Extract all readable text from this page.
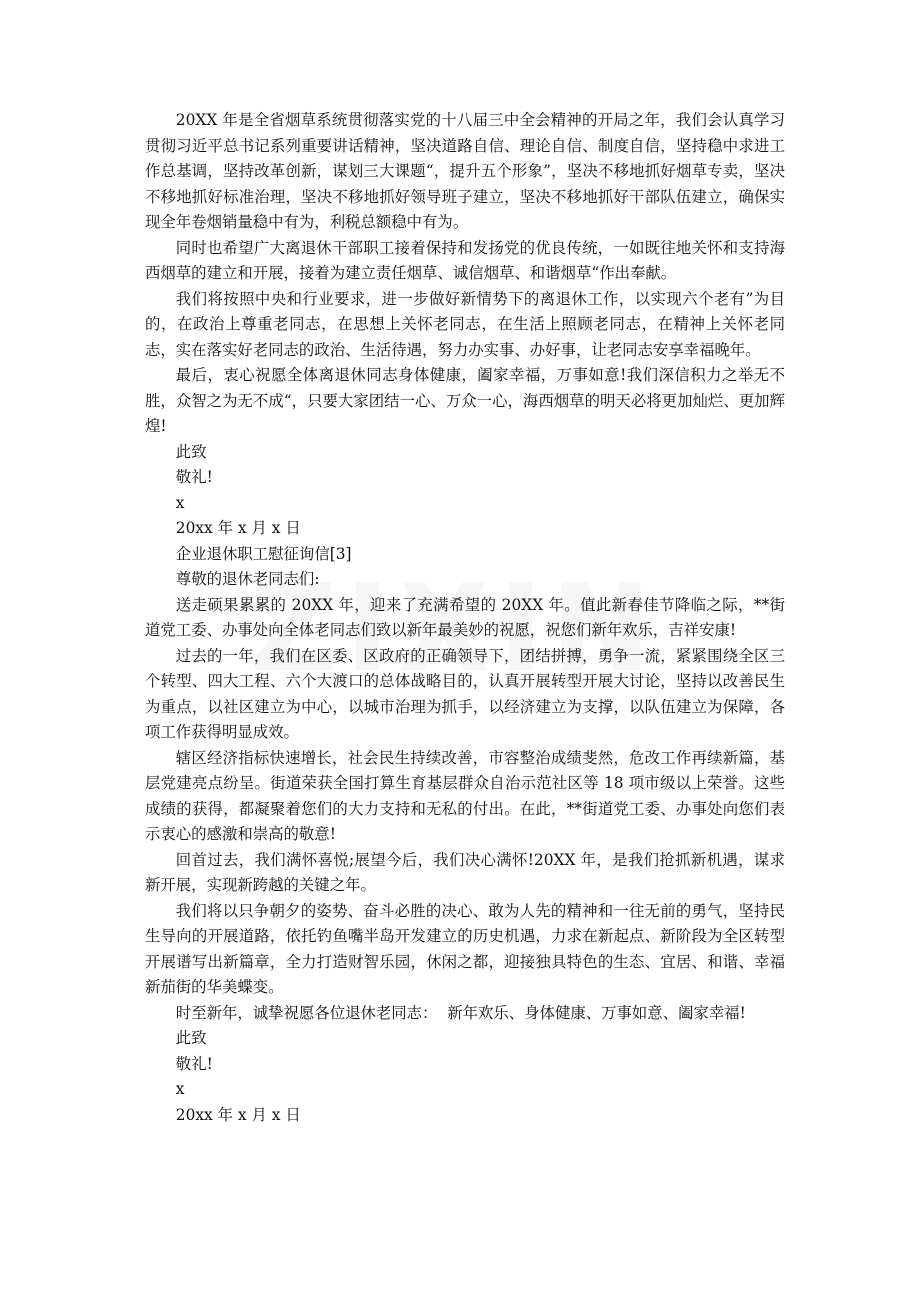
20XX 年是全省烟草系统贯彻落实党的十八届三中全会精神的开局之年，我们会认真学习贯彻习近平总书记系列重要讲话精神，坚决道路自信、理论自信、制度自信，坚持稳中求进工作总基调，坚持改革创新，谋划三大课题“，提升五个形象”，坚决不移地抓好烟草专卖，坚决不移地抓好标准治理，坚决不移地抓好领导班子建立，坚决不移地抓好干部队伍建立，确保实现全年卷烟销量稳中有为，利税总额稳中有为。

同时也希望广大离退休干部职工接着保持和发扬党的优良传统，一如既往地关怀和支持海西烟草的建立和开展，接着为建立责任烟草、诚信烟草、和谐烟草“作出奉献。

我们将按照中央和行业要求，进一步做好新情势下的离退休工作，以实现六个老有”为目的，在政治上尊重老同志，在思想上关怀老同志，在生活上照顾老同志，在精神上关怀老同志，实在落实好老同志的政治、生活待遇，努力办实事、办好事，让老同志安享幸福晚年。

最后，衷心祝愿全体离退休同志身体健康，阖家幸福，万事如意!我们深信积力之举无不胜，众智之为无不成“，只要大家团结一心、万众一心，海西烟草的明天必将更加灿烂、更加辉煌!

此致

敬礼!

x

20xx 年 x 月 x 日

企业退休职工慰征询信[3]

尊敬的退休老同志们:

送走硕果累累的 20XX 年，迎来了充满希望的 20XX 年。值此新春佳节降临之际，**街道党工委、办事处向全体老同志们致以新年最美妙的祝愿，祝您们新年欢乐，吉祥安康!

过去的一年，我们在区委、区政府的正确领导下，团结拼搏，勇争一流，紧紧围绕全区三个转型、四大工程、六个大渡口的总体战略目的，认真开展转型开展大讨论，坚持以改善民生为重点，以社区建立为中心，以城市治理为抓手，以经济建立为支撑，以队伍建立为保障，各项工作获得明显成效。

辖区经济指标快速增长，社会民生持续改善，市容整治成绩斐然，危改工作再续新篇，基层党建亮点纷呈。街道荣获全国打算生育基层群众自治示范社区等 18 项市级以上荣誉。这些成绩的获得，都凝聚着您们的大力支持和无私的付出。在此，**街道党工委、办事处向您们表示衷心的感激和崇高的敬意!

回首过去，我们满怀喜悦;展望今后，我们决心满怀!20XX 年，是我们抢抓新机遇，谋求新开展，实现新跨越的关键之年。

我们将以只争朝夕的姿势、奋斗必胜的决心、敢为人先的精神和一往无前的勇气，坚持民生导向的开展道路，依托钓鱼嘴半岛开发建立的历史机遇，力求在新起点、新阶段为全区转型开展谱写出新篇章，全力打造财智乐园，休闲之都，迎接独具特色的生态、宜居、和谐、幸福新茄街的华美蝶变。

时至新年，诚挚祝愿各位退休老同志：  新年欢乐、身体健康、万事如意、阖家幸福!

此致

敬礼!

x

20xx 年 x 月 x 日
